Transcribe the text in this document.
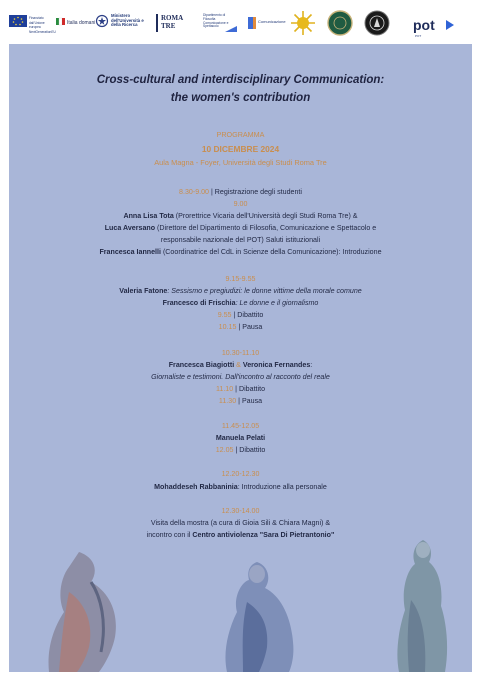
Finanziato dall'Unione europea NextGenerationEU
Italia domani
Ministero dell'Università e della Ricerca
ROMA TRE
Dipartimento di Filosofia Comunicazione e Spettacolo
Comunicazione	pot
POT
Cross-cultural and interdisciplinary Communication:
the women's contribution
PROGRAMMA
10 DICEMBRE 2024
Aula Magna - Foyer, Università degli Studi Roma Tre
8.30-9.00 | Registrazione degli studenti
9.00
Anna Lisa Tota (Prorettrice Vicaria dell'Università degli Studi Roma Tre) &
Luca Aversano (Direttore del Dipartimento di Filosofia, Comunicazione e Spettacolo e
responsabile nazionale del POT) Saluti istituzionali
Francesca Iannelli (Coordinatrice del CdL in Scienze della Comunicazione): Introduzione
9.15-9.55
Valeria Fatone: Sessismo e pregiudizi: le donne vittime della morale comune
Francesco di Frischia: Le donne e il giornalismo
9.55 | Dibattito
10.15 | Pausa
10.30-11.10
Francesca Biagiotti & Veronica Fernandes:
Giornaliste e testimoni. Dall'incontro al racconto del reale
11.10 | Dibattito
11.30 | Pausa
11.45-12.05
Manuela Pelati
12.05 | Dibattito
12.20-12.30
Mohaddeseh Rabbaninia: Introduzione alla personale
12.30-14.00
Visita della mostra (a cura di Gioia Sili & Chiara Magni) &
incontro con il Centro antiviolenza "Sara Di Pietrantonio"
